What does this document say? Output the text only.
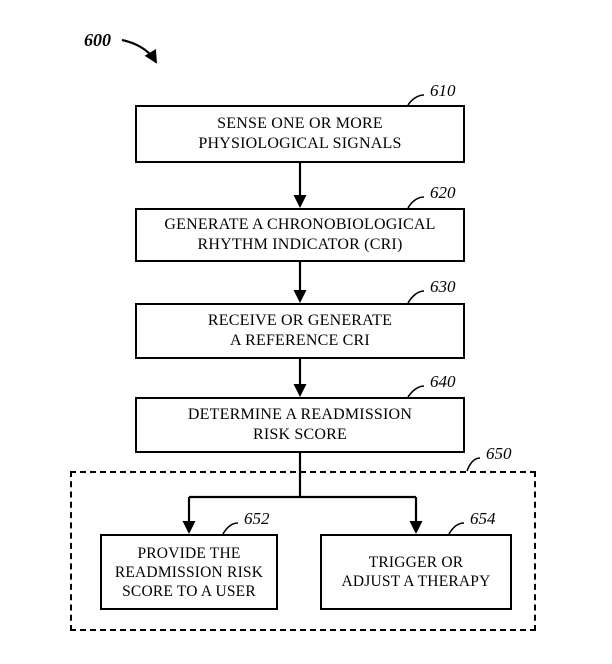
600
650
SENSE ONE OR MORE
PHYSIOLOGICAL SIGNALS
610
GENERATE A CHRONOBIOLOGICAL
RHYTHM INDICATOR (CRI)
620
RECEIVE OR GENERATE
A REFERENCE CRI
630
DETERMINE A READMISSION
RISK SCORE
640
PROVIDE THE
READMISSION RISK
SCORE TO A USER
652
TRIGGER OR
ADJUST A THERAPY
654
